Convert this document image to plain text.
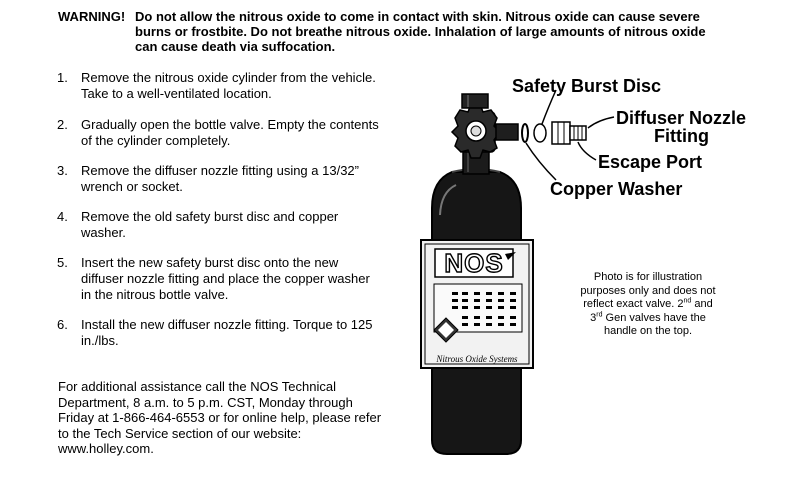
WARNING! Do not allow the nitrous oxide to come in contact with skin. Nitrous oxide can cause severe
burns or frostbite. Do not breathe nitrous oxide. Inhalation of large amounts of nitrous oxide
can cause death via suffocation.
1. Remove the nitrous oxide cylinder from the vehicle.
Take to a well-ventilated location.
2. Gradually open the bottle valve. Empty the contents
of the cylinder completely.
3. Remove the diffuser nozzle fitting using a 13/32”
wrench or socket.
4. Remove the old safety burst disc and copper
washer.
5. Insert the new safety burst disc onto the new
diffuser nozzle fitting and place the copper washer
in the nitrous bottle valve.
6. Install the new diffuser nozzle fitting. Torque to 125
in./lbs.
For additional assistance call the NOS Technical
Department, 8 a.m. to 5 p.m. CST, Monday through
Friday at 1-866-464-6553 or for online help, please refer
to the Tech Service section of our website:
www.holley.com.
NOS
Nitrous Oxide Systems
Safety Burst Disc
Diffuser Nozzle
Fitting
Escape Port
Copper Washer
Photo is for illustration
purposes only and does not
reflect exact valve. 2nd and
3rd Gen valves have the
handle on the top.
